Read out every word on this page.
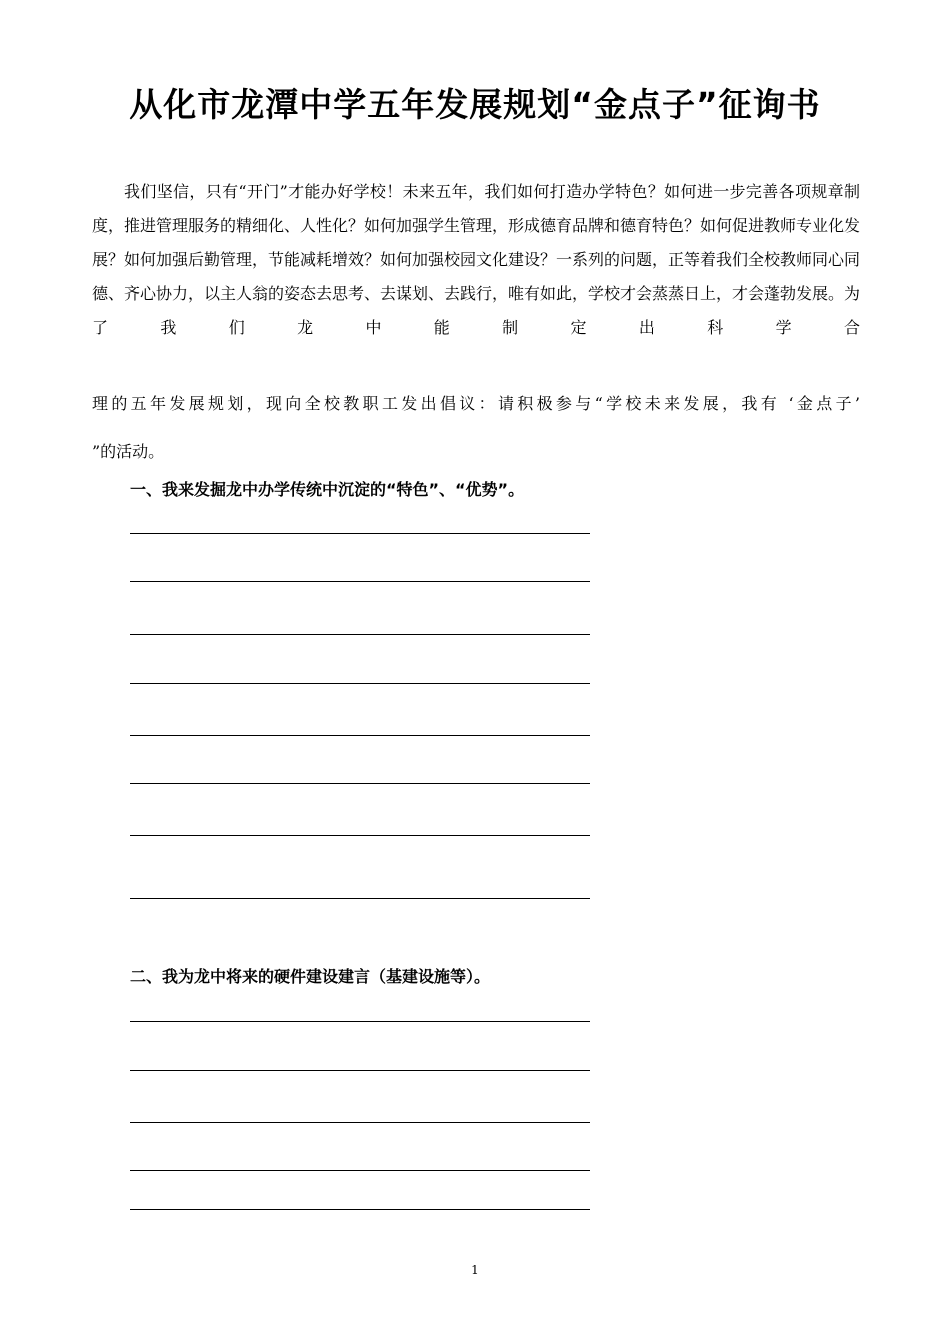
从化市龙潭中学五年发展规划“金点子”征询书

我们坚信，只有“开门”才能办好学校！未来五年，我们如何打造办学特色？如何进一步完善各项规章制度，推进管理服务的精细化、人性化？如何加强学生管理，形成德育品牌和德育特色？如何促进教师专业化发展？如何加强后勤管理，节能减耗增效？如何加强校园文化建设？一系列的问题，正等着我们全校教师同心同德、齐心协力，以主人翁的姿态去思考、去谋划、去践行，唯有如此，学校才会蒸蒸日上，才会蓬勃发展。为了我们龙中能制定出科学合

理的五年发展规划，现向全校教职工发出倡议：请积极参与“学校未来发展，我有 ‘金点子’

”的活动。

一、我来发掘龙中办学传统中沉淀的“特色”、“优势”。
二、我为龙中将来的硬件建设建言（基建设施等）。
1
